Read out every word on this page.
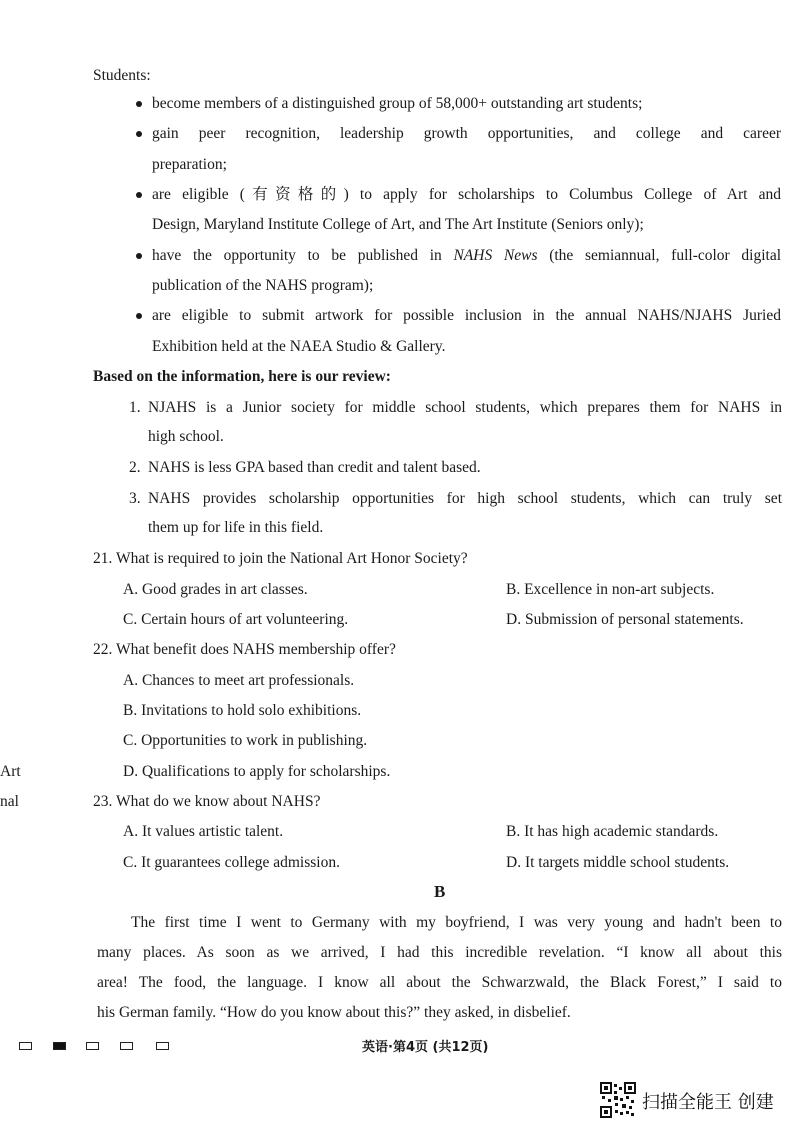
Students:
become members of a distinguished group of 58,000+ outstanding art students;
gain peer recognition, leadership growth opportunities, and college and career
preparation;
are eligible (有资格的) to apply for scholarships to Columbus College of Art and
Design, Maryland Institute College of Art, and The Art Institute (Seniors only);
have the opportunity to be published in NAHS News (the semiannual, full-color digital
publication of the NAHS program);
are eligible to submit artwork for possible inclusion in the annual NAHS/NJAHS Juried
Exhibition held at the NAEA Studio & Gallery.
Based on the information, here is our review:
1. NJAHS is a Junior society for middle school students, which prepares them for NAHS in
high school.
2. NAHS is less GPA based than credit and talent based.
3. NAHS provides scholarship opportunities for high school students, which can truly set
them up for life in this field.
21. What is required to join the National Art Honor Society?
A. Good grades in art classes.	B. Excellence in non-art subjects.
C. Certain hours of art volunteering.	D. Submission of personal statements.
22. What benefit does NAHS membership offer?
A. Chances to meet art professionals.
B. Invitations to hold solo exhibitions.
C. Opportunities to work in publishing.
D. Qualifications to apply for scholarships.
Art
nal	23. What do we know about NAHS?
A. It values artistic talent.	B. It has high academic standards.
C. It guarantees college admission.	D. It targets middle school students.
B
The first time I went to Germany with my boyfriend, I was very young and hadn't been to
many places. As soon as we arrived, I had this incredible revelation. “I know all about this
area! The food, the language. I know all about the Schwarzwald, the Black Forest,” I said to
his German family. “How do you know about this?” they asked, in disbelief.
英语·第4页 (共12页)
扫描全能王 创建
